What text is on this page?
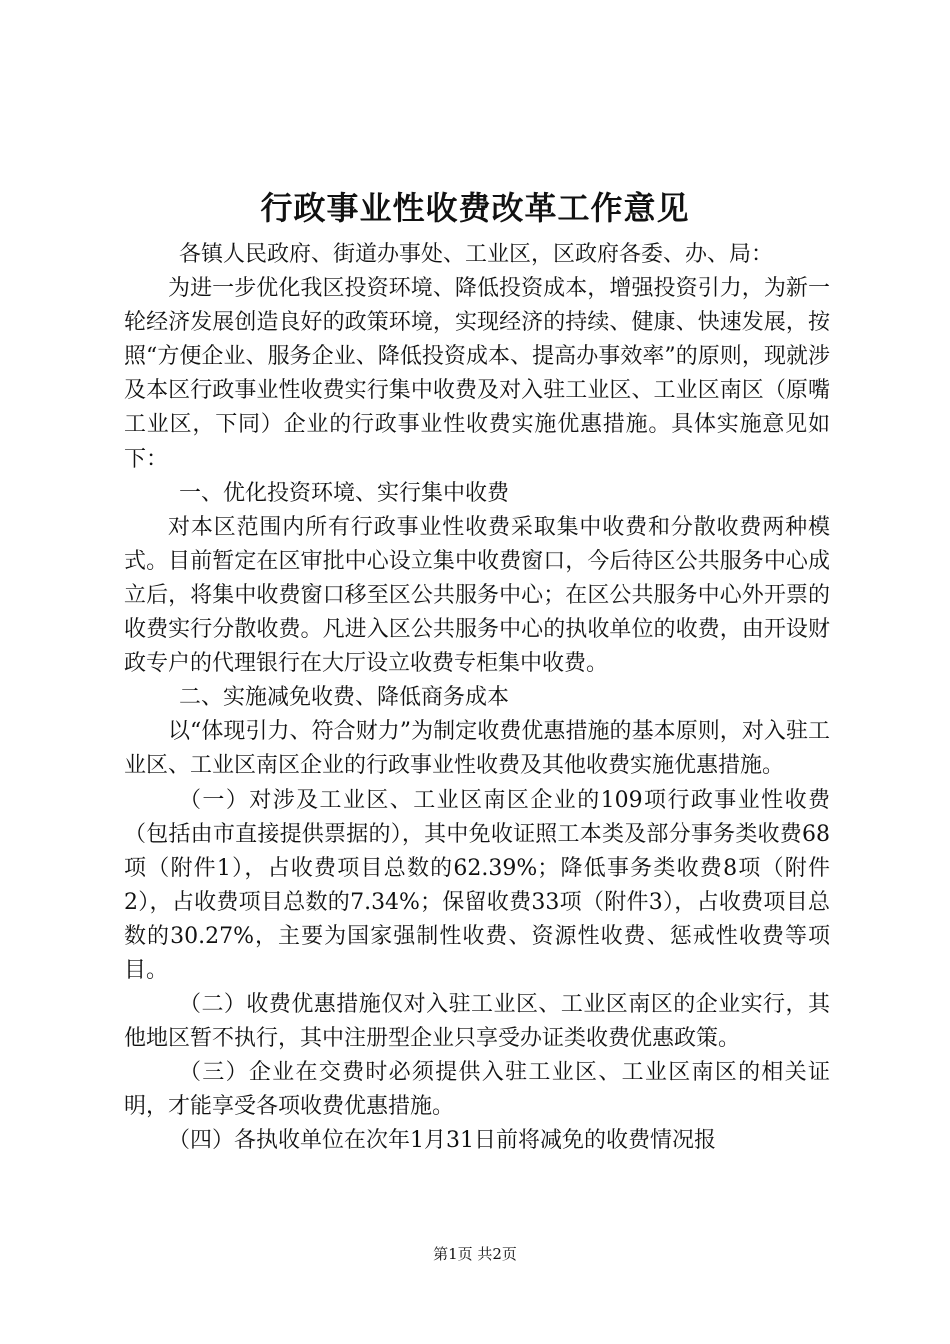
行政事业性收费改革工作意见

各镇人民政府、街道办事处、工业区，区政府各委、办、局：

为进一步优化我区投资环境、降低投资成本，增强投资引力，为新一轮经济发展创造良好的政策环境，实现经济的持续、健康、快速发展，按照“方便企业、服务企业、降低投资成本、提高办事效率”的原则，现就涉及本区行政事业性收费实行集中收费及对入驻工业区、工业区南区（原嘴工业区，下同）企业的行政事业性收费实施优惠措施。具体实施意见如下：

一、优化投资环境、实行集中收费

对本区范围内所有行政事业性收费采取集中收费和分散收费两种模式。目前暂定在区审批中心设立集中收费窗口，今后待区公共服务中心成立后，将集中收费窗口移至区公共服务中心；在区公共服务中心外开票的收费实行分散收费。凡进入区公共服务中心的执收单位的收费，由开设财政专户的代理银行在大厅设立收费专柜集中收费。

二、实施减免收费、降低商务成本

以“体现引力、符合财力”为制定收费优惠措施的基本原则，对入驻工业区、工业区南区企业的行政事业性收费及其他收费实施优惠措施。

（一）对涉及工业区、工业区南区企业的109项行政事业性收费（包括由市直接提供票据的），其中免收证照工本类及部分事务类收费68项（附件1），占收费项目总数的62.39%；降低事务类收费8项（附件2），占收费项目总数的7.34%；保留收费33项（附件3），占收费项目总数的30.27%，主要为国家强制性收费、资源性收费、惩戒性收费等项目。

（二）收费优惠措施仅对入驻工业区、工业区南区的企业实行，其他地区暂不执行，其中注册型企业只享受办证类收费优惠政策。

（三）企业在交费时必须提供入驻工业区、工业区南区的相关证明，才能享受各项收费优惠措施。

（四）各执收单位在次年1月31日前将减免的收费情况报

第1页 共2页
